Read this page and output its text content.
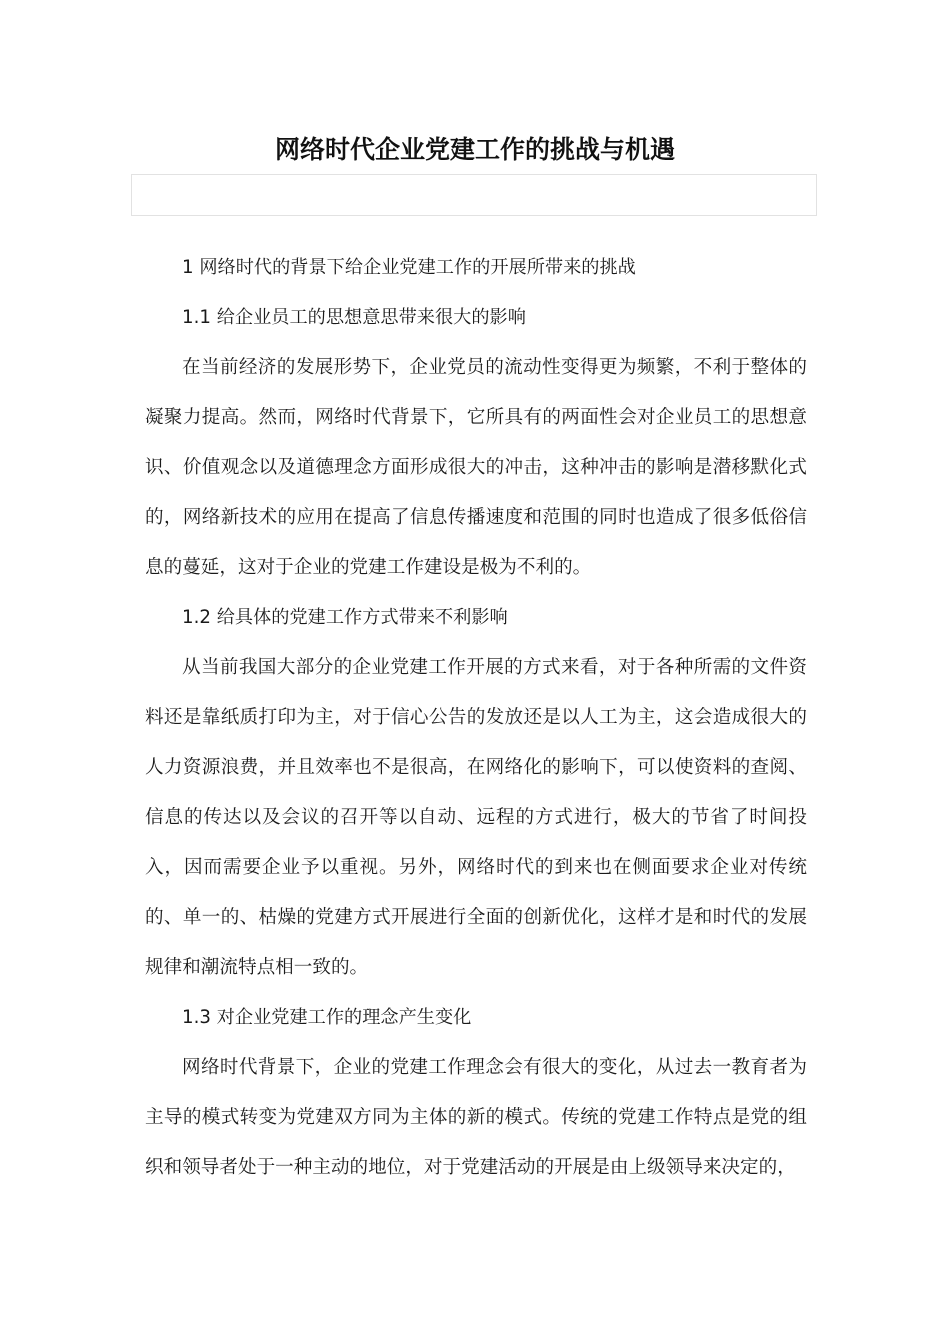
网络时代企业党建工作的挑战与机遇

1 网络时代的背景下给企业党建工作的开展所带来的挑战

1.1 给企业员工的思想意思带来很大的影响

在当前经济的发展形势下，企业党员的流动性变得更为频繁，不利于整体的凝聚力提高。然而，网络时代背景下，它所具有的两面性会对企业员工的思想意识、价值观念以及道德理念方面形成很大的冲击，这种冲击的影响是潜移默化式的，网络新技术的应用在提高了信息传播速度和范围的同时也造成了很多低俗信息的蔓延，这对于企业的党建工作建设是极为不利的。

1.2 给具体的党建工作方式带来不利影响

从当前我国大部分的企业党建工作开展的方式来看，对于各种所需的文件资料还是靠纸质打印为主，对于信心公告的发放还是以人工为主，这会造成很大的人力资源浪费，并且效率也不是很高，在网络化的影响下，可以使资料的查阅、信息的传达以及会议的召开等以自动、远程的方式进行，极大的节省了时间投入，因而需要企业予以重视。另外，网络时代的到来也在侧面要求企业对传统的、单一的、枯燥的党建方式开展进行全面的创新优化，这样才是和时代的发展规律和潮流特点相一致的。

1.3 对企业党建工作的理念产生变化

网络时代背景下，企业的党建工作理念会有很大的变化，从过去一教育者为主导的模式转变为党建双方同为主体的新的模式。传统的党建工作特点是党的组织和领导者处于一种主动的地位，对于党建活动的开展是由上级领导来决定的，
